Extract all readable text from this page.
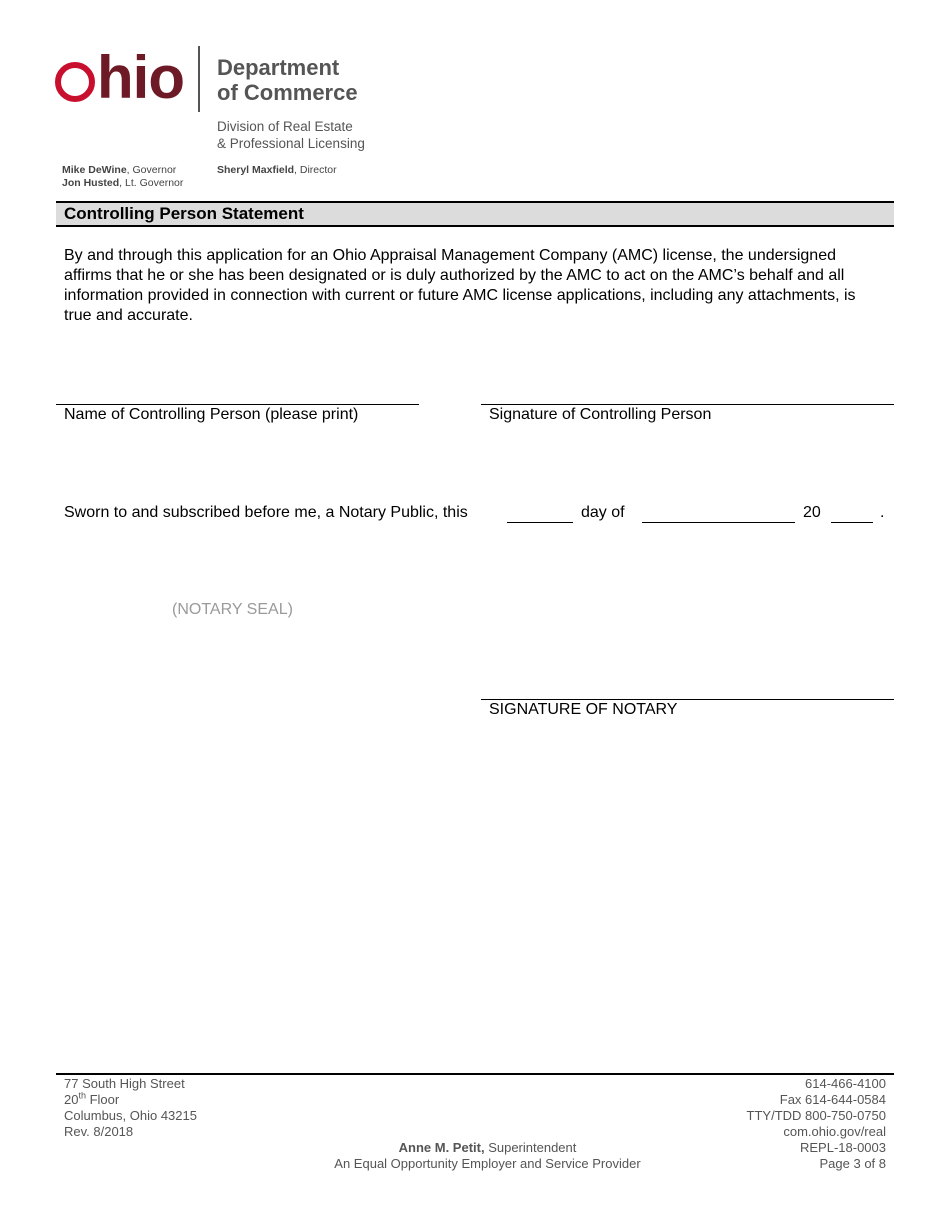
hio Department
of Commerce
Division of Real Estate
& Professional Licensing
Mike DeWine, Governor
Jon Husted, Lt. Governor
Sheryl Maxfield, Director
Controlling Person Statement
By and through this application for an Ohio Appraisal Management Company (AMC) license, the undersigned affirms that he or she has been designated or is duly authorized by the AMC to act on the AMC’s behalf and all information provided in connection with current or future AMC license applications, including any attachments, is true and accurate.
Name of Controlling Person (please print)	Signature of Controlling Person
Sworn to and subscribed before me, a Notary Public, this	day of	20	.
(NOTARY SEAL)
SIGNATURE OF NOTARY
77 South High Street
20th Floor
Columbus, Ohio 43215
Rev. 8/2018
Anne M. Petit, Superintendent
An Equal Opportunity Employer and Service Provider
614-466-4100
Fax 614-644-0584
TTY/TDD 800-750-0750
com.ohio.gov/real
REPL-18-0003
Page 3 of 8
